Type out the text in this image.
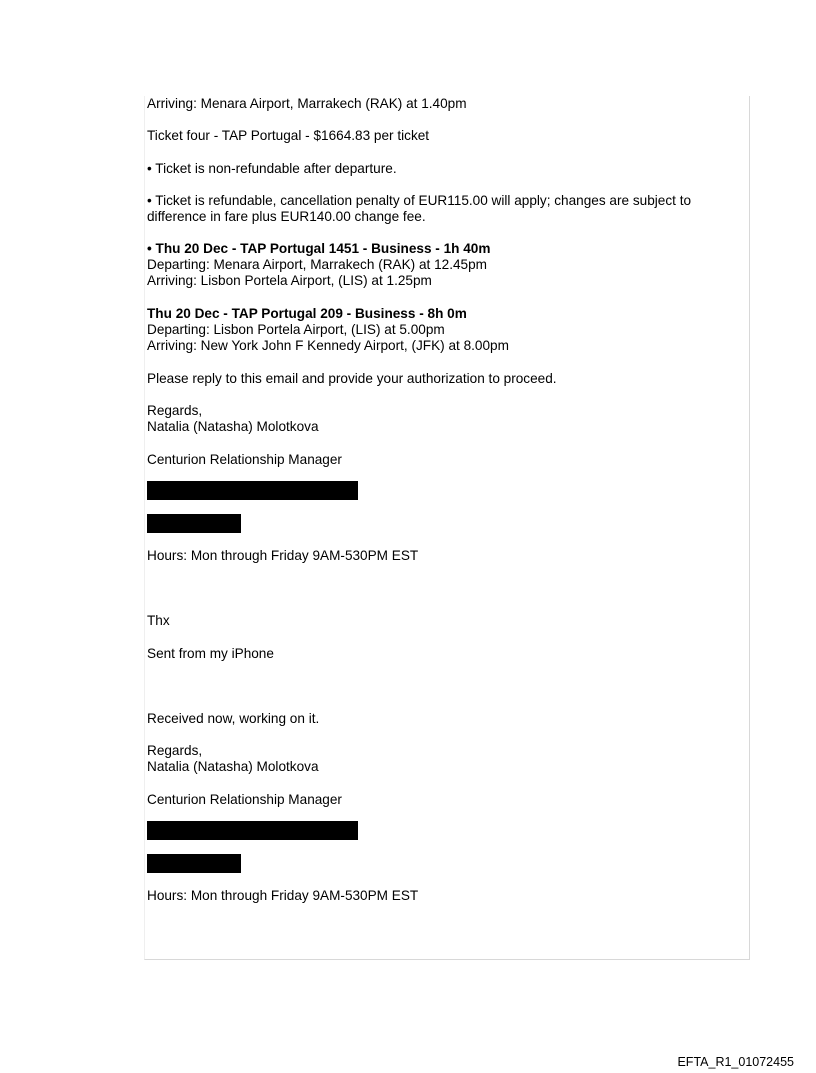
Arriving: Menara Airport, Marrakech (RAK) at 1.40pm
Ticket four - TAP Portugal - $1664.83 per ticket
• Ticket is non-refundable after departure.
• Ticket is refundable, cancellation penalty of EUR115.00 will apply; changes are subject to
difference in fare plus EUR140.00 change fee.
• Thu 20 Dec - TAP Portugal 1451 - Business - 1h 40m
Departing: Menara Airport, Marrakech (RAK) at 12.45pm
Arriving: Lisbon Portela Airport, (LIS) at 1.25pm
Thu 20 Dec - TAP Portugal 209 - Business - 8h 0m
Departing: Lisbon Portela Airport, (LIS) at 5.00pm
Arriving: New York John F Kennedy Airport, (JFK) at 8.00pm
Please reply to this email and provide your authorization to proceed.
Regards,
Natalia (Natasha) Molotkova
Centurion Relationship Manager
Hours: Mon through Friday 9AM-530PM EST
Thx
Sent from my iPhone
Received now, working on it.
Regards,
Natalia (Natasha) Molotkova
Centurion Relationship Manager
Hours: Mon through Friday 9AM-530PM EST
EFTA_R1_01072455
